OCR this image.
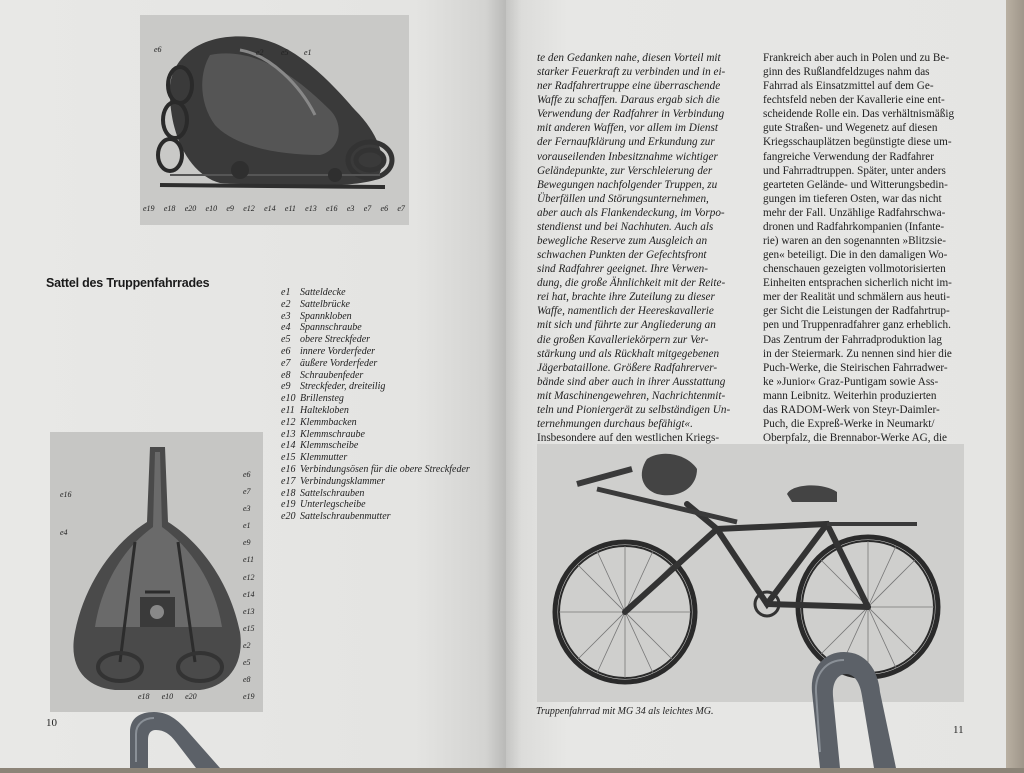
e6	e2 e5 e1
e19 e18 e20 e10 e9 e12 e14 e11 e13 e16 e3 e7 e6 e7
Sattel des Truppenfahrrades
e1 Satteldecke
e2 Sattelbrücke
e3 Spannkloben
e4 Spannschraube
e5 obere Streckfeder
e6 innere Vorderfeder
e7 äußere Vorderfeder
e8 Schraubenfeder
e9 Streckfeder, dreiteilig
e10 Brillensteg
e11 Haltekloben
e12 Klemmbacken
e13 Klemmschraube
e14 Klemmscheibe
e15 Klemmutter
e16 Verbindungsösen für die obere Streckfeder
e17 Verbindungsklammer
e18 Sattelschrauben
e19 Unterlegscheibe
e20 Sattelschraubenmutter
e16
e4
e6
e7
e3
e1
e9
e11
e12
e14
e13
e15
e2
e5
e8
e19
e18 e10 e20
10
te den Gedanken nahe, diesen Vorteil mit
starker Feuerkraft zu verbinden und in ei-
ner Radfahrertruppe eine überraschende
Waffe zu schaffen. Daraus ergab sich die
Verwendung der Radfahrer in Verbindung
mit anderen Waffen, vor allem im Dienst
der Fernaufklärung und Erkundung zur
vorauseilenden Inbesitznahme wichtiger
Geländepunkte, zur Verschleierung der
Bewegungen nachfolgender Truppen, zu
Überfällen und Störungsunternehmen,
aber auch als Flankendeckung, im Vorpo-
stendienst und bei Nachhuten. Auch als
bewegliche Reserve zum Ausgleich an
schwachen Punkten der Gefechtsfront
sind Radfahrer geeignet. Ihre Verwen-
dung, die große Ähnlichkeit mit der Reite-
rei hat, brachte ihre Zuteilung zu dieser
Waffe, namentlich der Heereskavallerie
mit sich und führte zur Angliederung an
die großen Kavalleriekörpern zur Ver-
stärkung und als Rückhalt mitgegebenen
Jägerbataillone. Größere Radfahrerver-
bände sind aber auch in ihrer Ausstattung
mit Maschinengewehren, Nachrichtenmit-
teln und Pioniergerät zu selbständigen Un-
ternehmungen durchaus befähigt«.
Insbesondere auf den westlichen Kriegs-
Frankreich aber auch in Polen und zu Be-
ginn des Rußlandfeldzuges nahm das
Fahrrad als Einsatzmittel auf dem Ge-
fechtsfeld neben der Kavallerie eine ent-
scheidende Rolle ein. Das verhältnismäßig
gute Straßen- und Wegenetz auf diesen
Kriegsschauplätzen begünstigte diese um-
fangreiche Verwendung der Radfahrer
und Fahrradtruppen. Später, unter anders
gearteten Gelände- und Witterungsbedin-
gungen im tieferen Osten, war das nicht
mehr der Fall. Unzählige Radfahrschwa-
dronen und Radfahrkompanien (Infante-
rie) waren an den sogenannten »Blitzsie-
gen« beteiligt. Die in den damaligen Wo-
chenschauen gezeigten vollmotorisierten
Einheiten entsprachen sicherlich nicht im-
mer der Realität und schmälern aus heuti-
ger Sicht die Leistungen der Radfahrtrup-
pen und Truppenradfahrer ganz erheblich.
Das Zentrum der Fahrradproduktion lag
in der Steiermark. Zu nennen sind hier die
Puch-Werke, die Steirischen Fahrradwer-
ke »Junior« Graz-Puntigam sowie Ass-
mann Leibnitz. Weiterhin produzierten
das RADOM-Werk von Steyr-Daimler-
Puch, die Expreß-Werke in Neumarkt/
Oberpfalz, die Brennabor-Werke AG, die
Truppenfahrrad mit MG 34 als leichtes MG.
11
